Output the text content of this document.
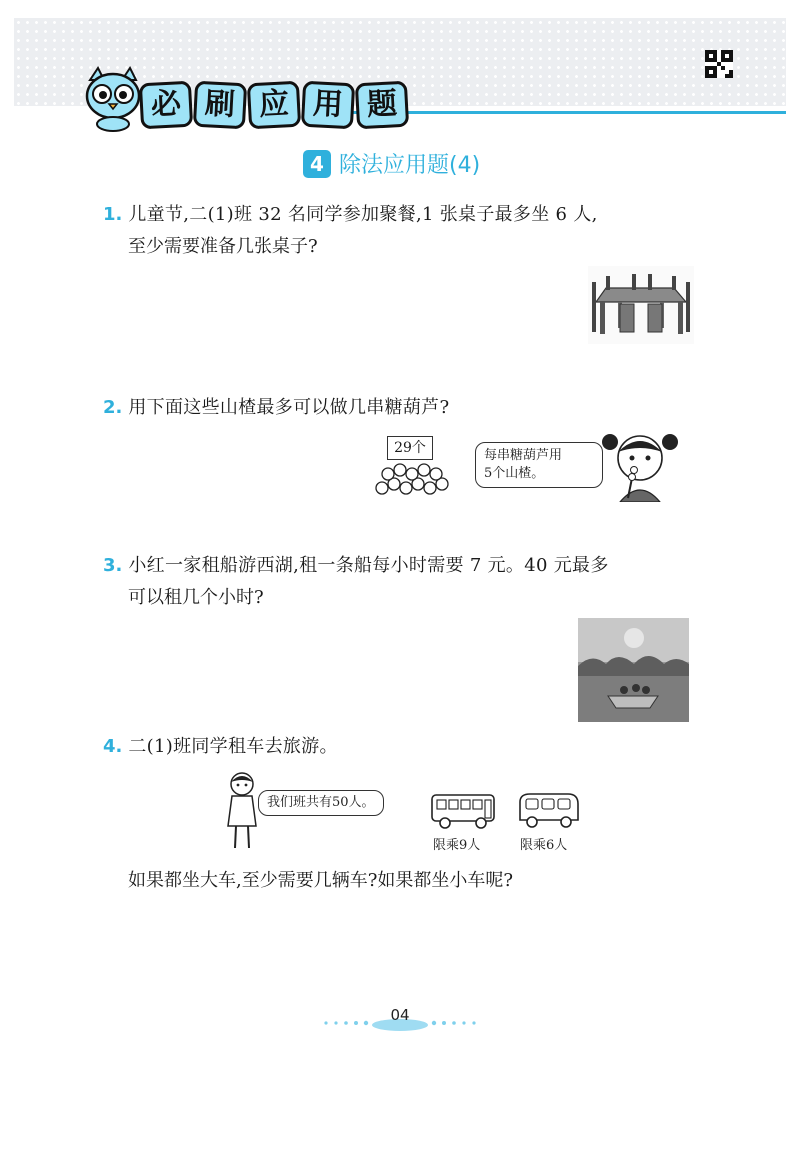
必 刷 应 用 题
4 除法应用题(4)
1. 儿童节,二(1)班 32 名同学参加聚餐,1 张桌子最多坐 6 人,
至少需要准备几张桌子?
2. 用下面这些山楂最多可以做几串糖葫芦?
29个	每串糖葫芦用
5个山楂。
3. 小红一家租船游西湖,租一条船每小时需要 7 元。40 元最多
可以租几个小时?
4. 二(1)班同学租车去旅游。
我们班共有50人。
限乘9人	限乘6人
如果都坐大车,至少需要几辆车?如果都坐小车呢?
04
